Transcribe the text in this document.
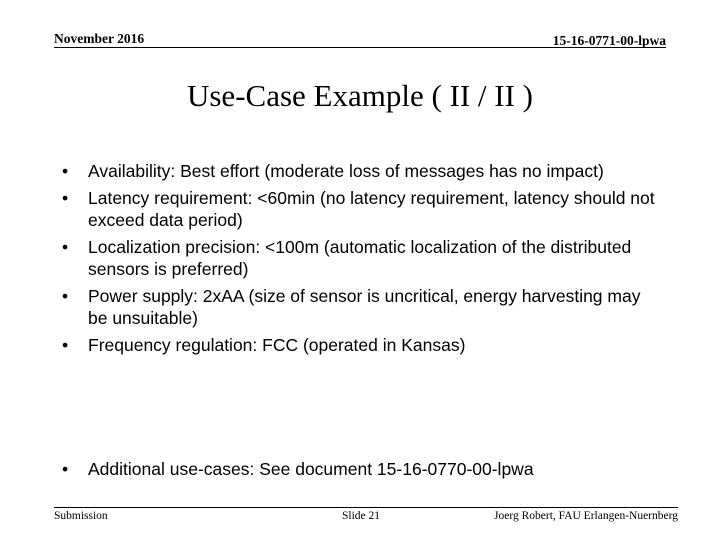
November 2016	15-16-0771-00-lpwa
Use-Case Example ( II / II )
•	Availability: Best effort (moderate loss of messages has no impact)
•	Latency requirement: <60min (no latency requirement, latency should not exceed data period)
•	Localization precision: <100m (automatic localization of the distributed sensors is preferred)
•	Power supply: 2xAA (size of sensor is uncritical, energy harvesting may be unsuitable)
•	Frequency regulation: FCC (operated in Kansas)
• Additional use-cases: See document 15-16-0770-00-lpwa
Submission	Slide 21	Joerg Robert, FAU Erlangen-Nuernberg
